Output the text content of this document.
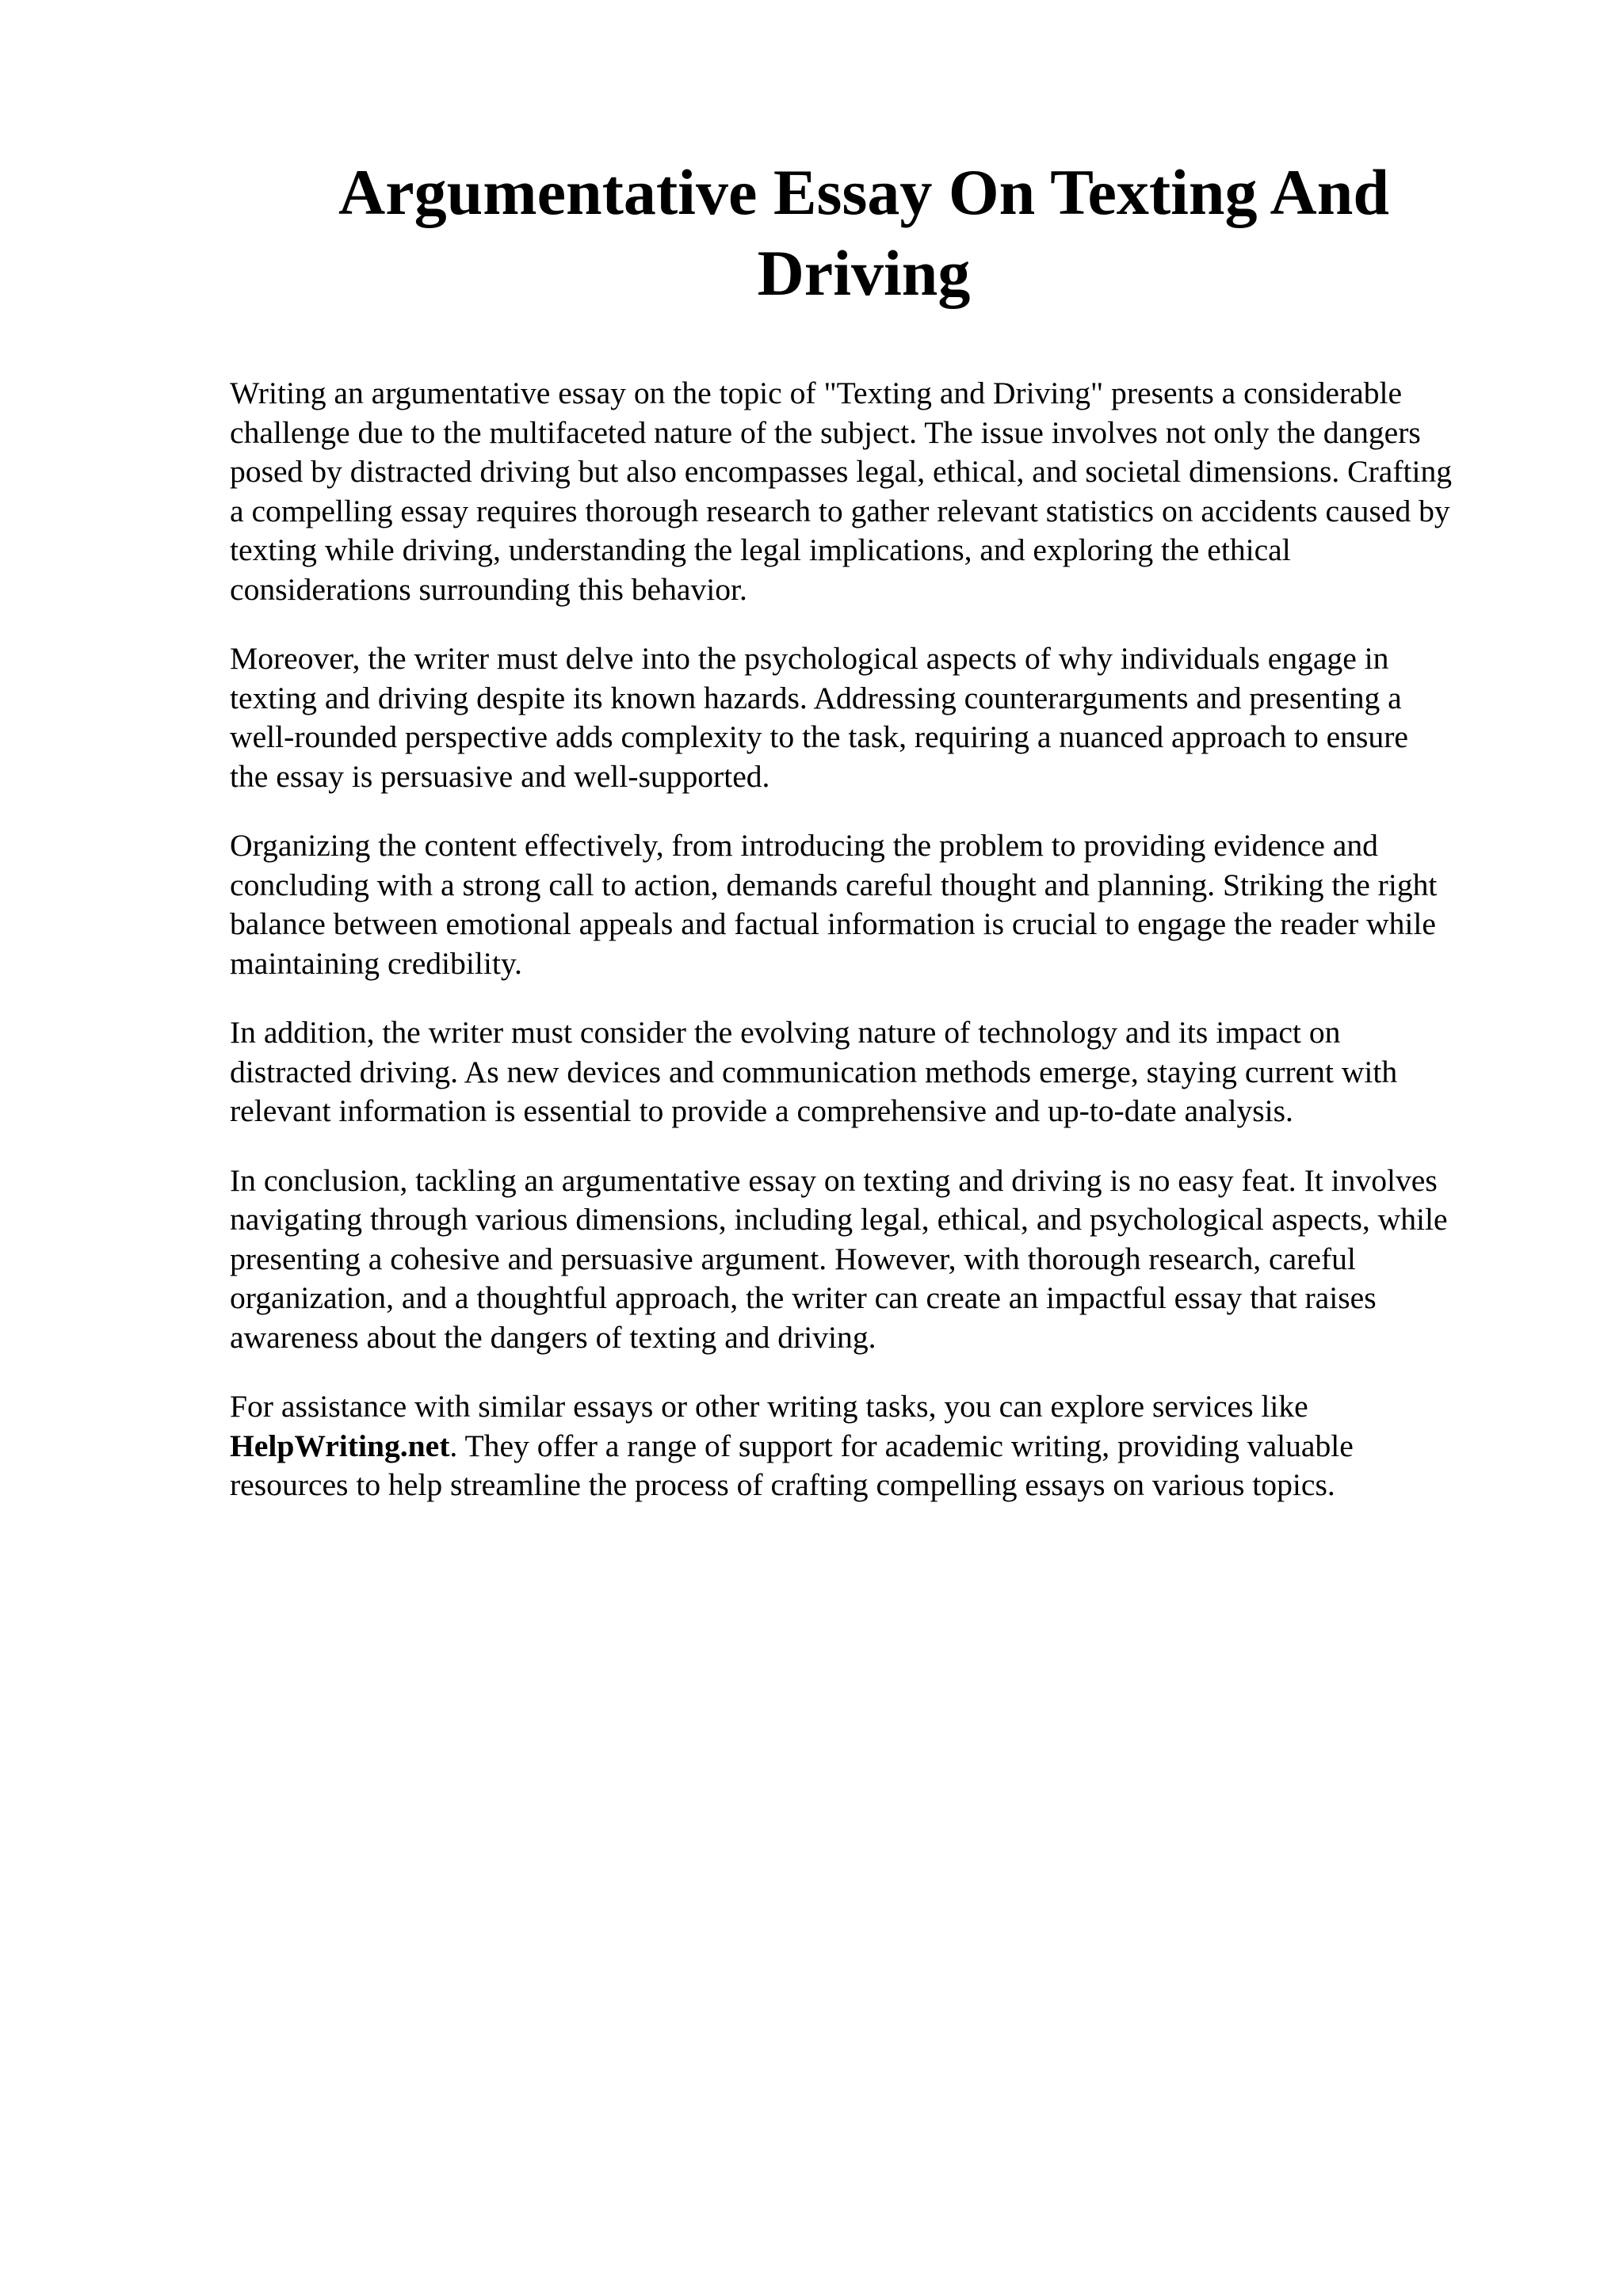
Argumentative Essay On Texting And Driving

Writing an argumentative essay on the topic of "Texting and Driving" presents a considerable
challenge due to the multifaceted nature of the subject. The issue involves not only the dangers
posed by distracted driving but also encompasses legal, ethical, and societal dimensions. Crafting
a compelling essay requires thorough research to gather relevant statistics on accidents caused by
texting while driving, understanding the legal implications, and exploring the ethical
considerations surrounding this behavior.

Moreover, the writer must delve into the psychological aspects of why individuals engage in
texting and driving despite its known hazards. Addressing counterarguments and presenting a
well-rounded perspective adds complexity to the task, requiring a nuanced approach to ensure
the essay is persuasive and well-supported.

Organizing the content effectively, from introducing the problem to providing evidence and
concluding with a strong call to action, demands careful thought and planning. Striking the right
balance between emotional appeals and factual information is crucial to engage the reader while
maintaining credibility.

In addition, the writer must consider the evolving nature of technology and its impact on
distracted driving. As new devices and communication methods emerge, staying current with
relevant information is essential to provide a comprehensive and up-to-date analysis.

In conclusion, tackling an argumentative essay on texting and driving is no easy feat. It involves
navigating through various dimensions, including legal, ethical, and psychological aspects, while
presenting a cohesive and persuasive argument. However, with thorough research, careful
organization, and a thoughtful approach, the writer can create an impactful essay that raises
awareness about the dangers of texting and driving.

For assistance with similar essays or other writing tasks, you can explore services like
HelpWriting.net. They offer a range of support for academic writing, providing valuable
resources to help streamline the process of crafting compelling essays on various topics.
